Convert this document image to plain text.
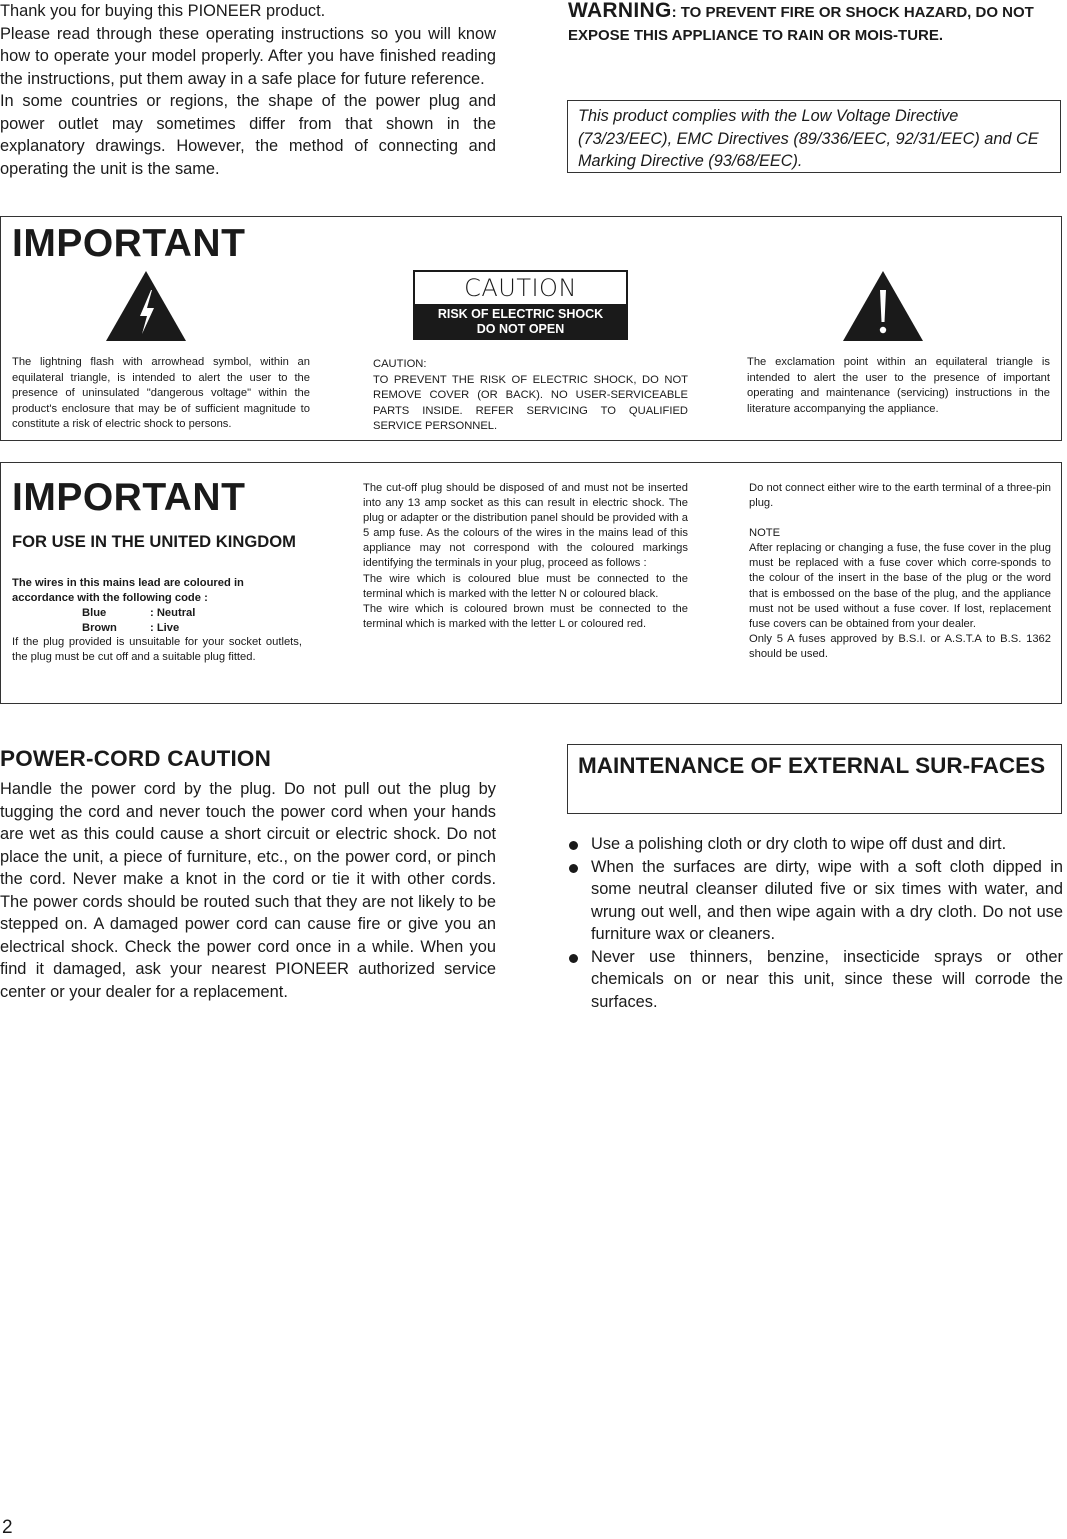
Thank you for buying this PIONEER product.

Please read through these operating instructions so you will know how to operate your model properly. After you have finished reading the instructions, put them away in a safe place for future reference.

In some countries or regions, the shape of the power plug and power outlet may sometimes differ from that shown in the explanatory drawings. However, the method of connecting and operating the unit is the same.

WARNING: TO PREVENT FIRE OR SHOCK HAZARD, DO NOT EXPOSE THIS APPLIANCE TO RAIN OR MOIS-TURE.
This product complies with the Low Voltage Directive (73/23/EEC), EMC Directives (89/336/EEC, 92/31/EEC) and CE Marking Directive (93/68/EEC).
IMPORTANT
CAUTION
RISK OF ELECTRIC SHOCK
DO NOT OPEN
The lightning flash with arrowhead symbol, within an equilateral triangle, is intended to alert the user to the presence of uninsulated "dangerous voltage" within the product's enclosure that may be of sufficient magnitude to constitute a risk of electric shock to persons.
CAUTION:
TO PREVENT THE RISK OF ELECTRIC SHOCK, DO NOT REMOVE COVER (OR BACK). NO USER-SERVICEABLE PARTS INSIDE. REFER SERVICING TO QUALIFIED SERVICE PERSONNEL.
The exclamation point within an equilateral triangle is intended to alert the user to the presence of important operating and maintenance (servicing) instructions in the literature accompanying the appliance.
IMPORTANT
FOR USE IN THE UNITED KINGDOM
The wires in this mains lead are coloured in accordance with the following code :
Blue	: Neutral
Brown	: Live
If the plug provided is unsuitable for your socket outlets, the plug must be cut off and a suitable plug fitted.
The cut-off plug should be disposed of and must not be inserted into any 13 amp socket as this can result in electric shock. The plug or adapter or the distribution panel should be provided with a 5 amp fuse. As the colours of the wires in the mains lead of this appliance may not correspond with the coloured markings identifying the terminals in your plug, proceed as follows :
The wire which is coloured blue must be connected to the terminal which is marked with the letter N or coloured black.
The wire which is coloured brown must be connected to the terminal which is marked with the letter L or coloured red.
Do not connect either wire to the earth terminal of a three-pin plug.
NOTE
After replacing or changing a fuse, the fuse cover in the plug must be replaced with a fuse cover which corre-sponds to the colour of the insert in the base of the plug or the word that is embossed on the base of the plug, and the appliance must not be used without a fuse cover. If lost, replacement fuse covers can be obtained from your dealer.
Only 5 A fuses approved by B.S.I. or A.S.T.A to B.S. 1362 should be used.
POWER-CORD CAUTION
Handle the power cord by the plug. Do not pull out the plug by tugging the cord and never touch the power cord when your hands are wet as this could cause a short circuit or electric shock. Do not place the unit, a piece of furniture, etc., on the power cord, or pinch the cord. Never make a knot in the cord or tie it with other cords. The power cords should be routed such that they are not likely to be stepped on. A damaged power cord can cause fire or give you an electrical shock. Check the power cord once in a while. When you find it damaged, ask your nearest PIONEER authorized service center or your dealer for a replacement.
MAINTENANCE OF EXTERNAL SUR-FACES
Use a polishing cloth or dry cloth to wipe off dust and dirt.
When the surfaces are dirty, wipe with a soft cloth dipped in some neutral cleanser diluted five or six times with water, and wrung out well, and then wipe again with a dry cloth. Do not use furniture wax or cleaners.
Never use thinners, benzine, insecticide sprays or other chemicals on or near this unit, since these will corrode the surfaces.
2
